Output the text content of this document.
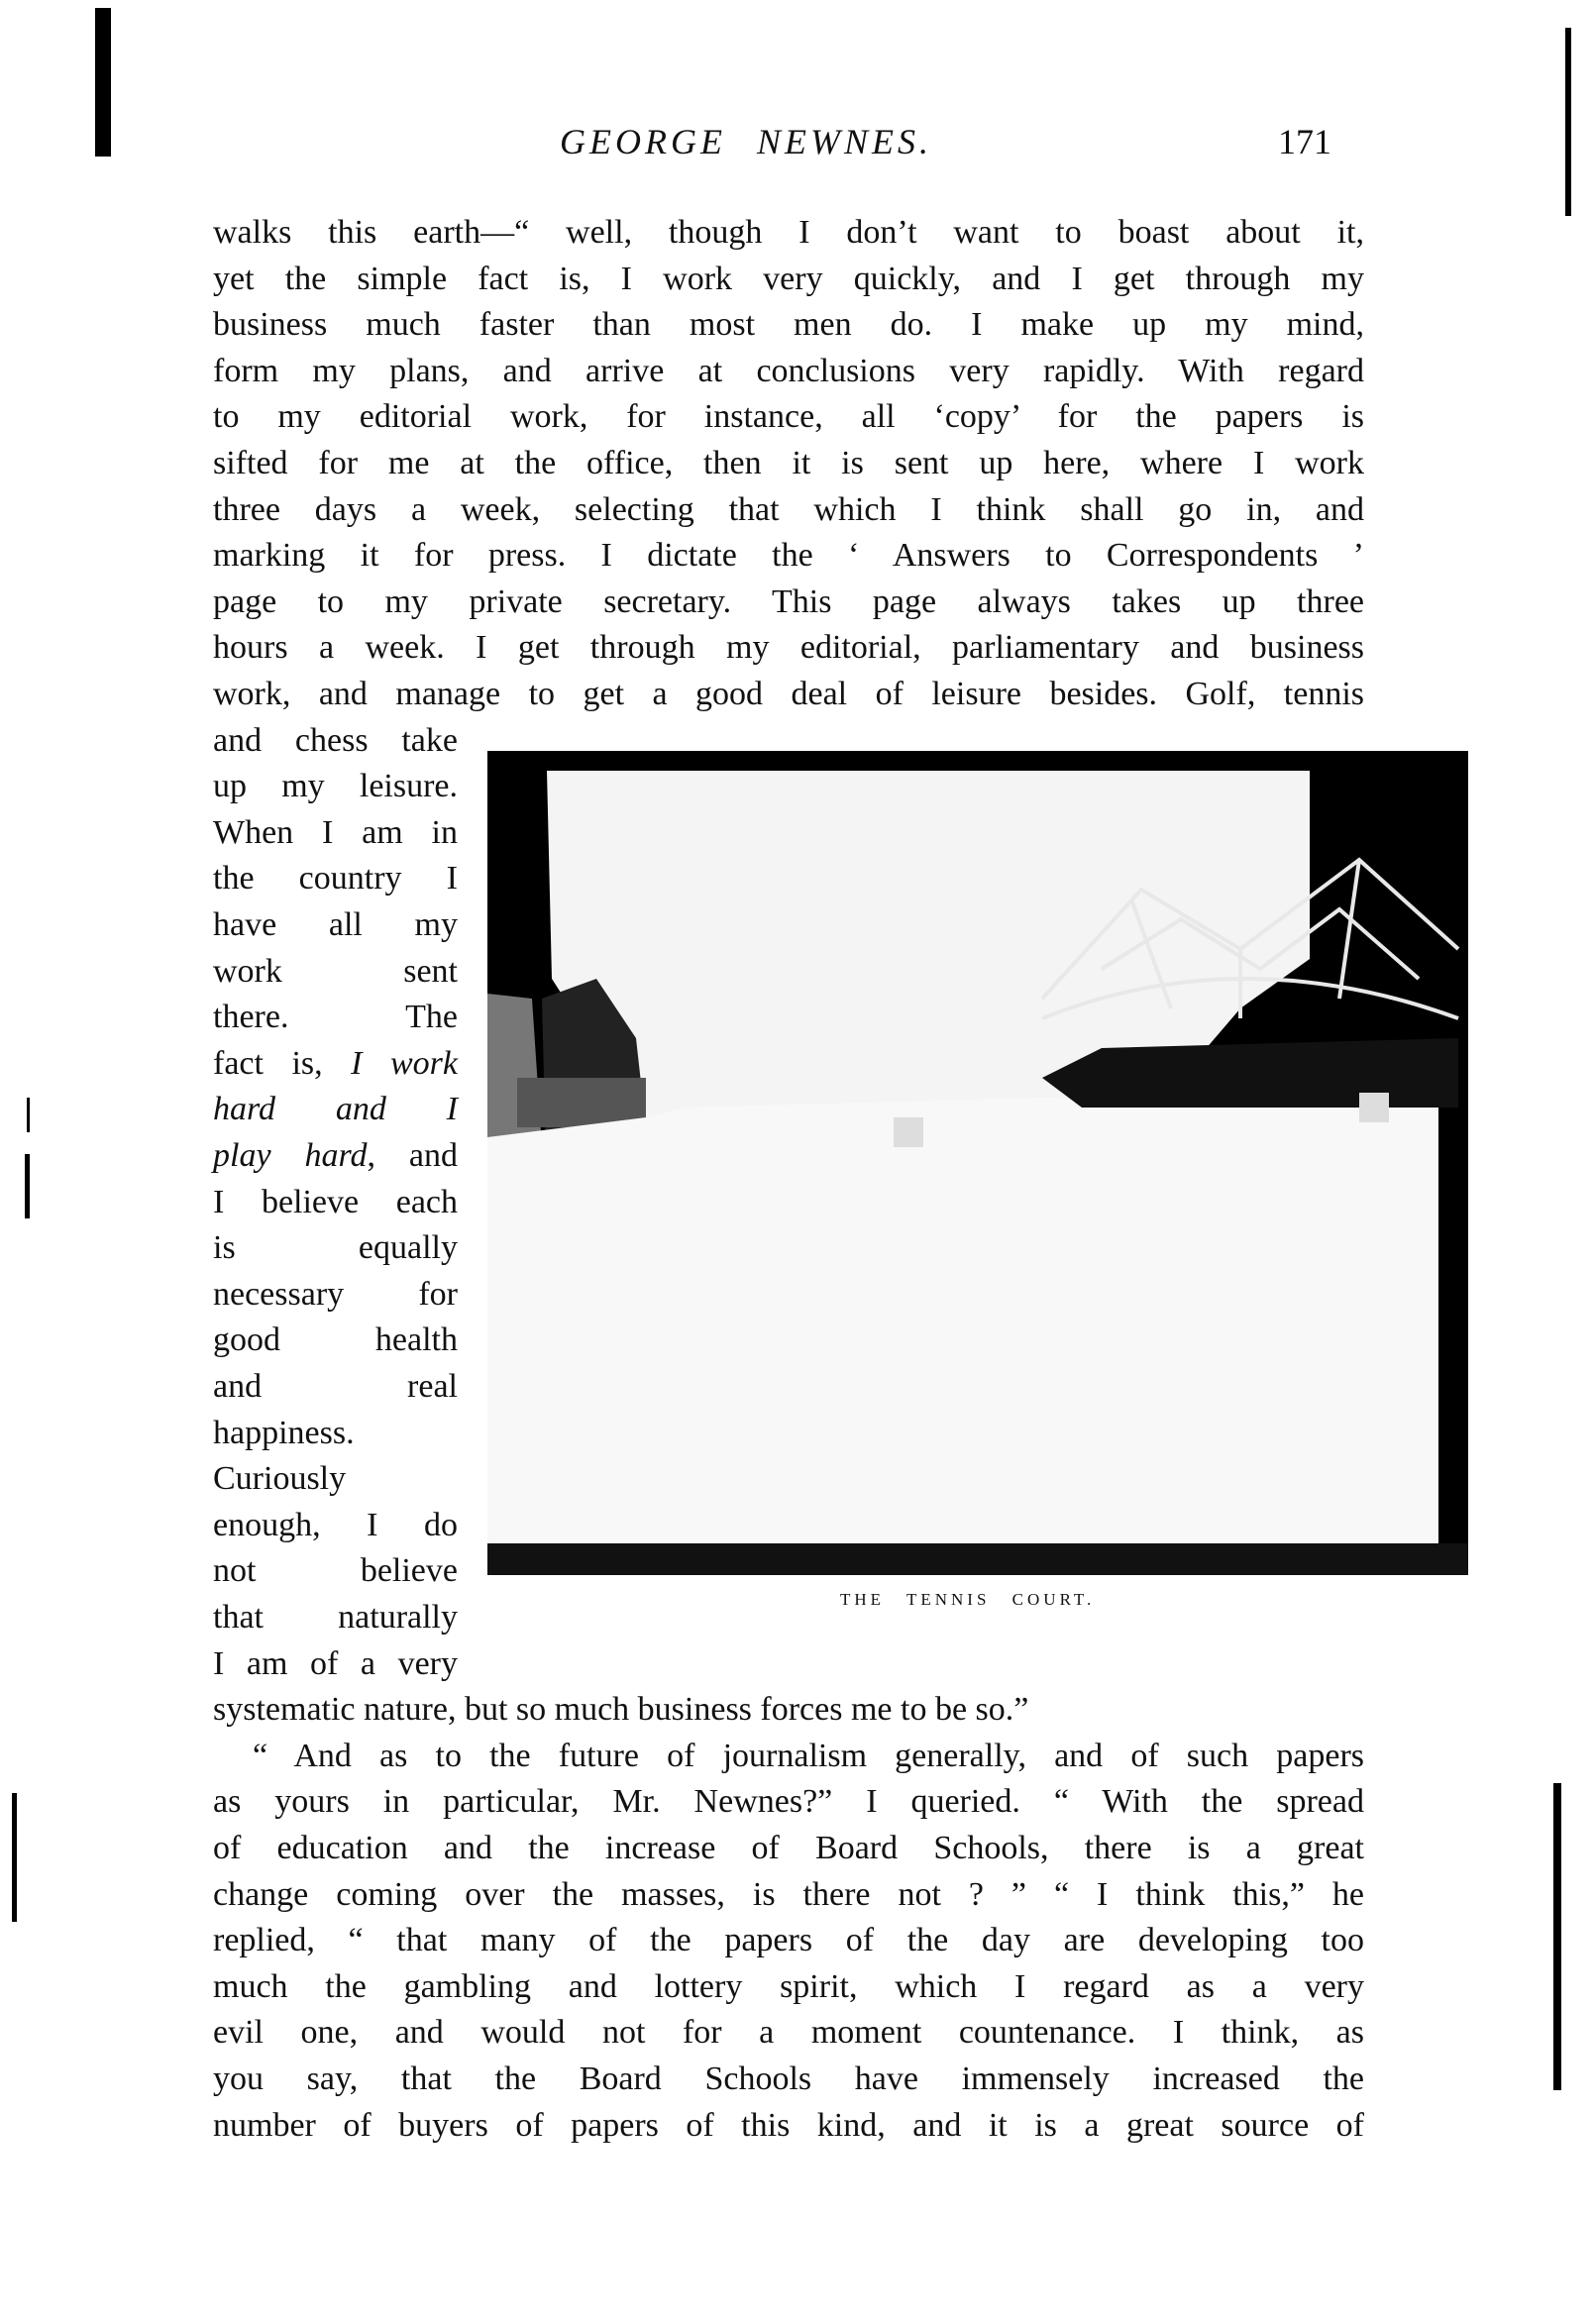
GEORGE NEWNES.	171
walks this earth—“ well, though I don’t want to boast about it,
yet the simple fact is, I work very quickly, and I get through my
business much faster than most men do. I make up my mind,
form my plans, and arrive at conclusions very rapidly. With regard
to my editorial work, for instance, all ‘copy’ for the papers is
sifted for me at the office, then it is sent up here, where I work
three days a week, selecting that which I think shall go in, and
marking it for press. I dictate the ‘ Answers to Correspondents ’
page to my private secretary. This page always takes up three
hours a week. I get through my editorial, parliamentary and business
work, and manage to get a good deal of leisure besides. Golf, tennis
and chess take
up my leisure.
When I am in
the country I
have all my
work sent
there. The
fact is, I work
hard and I
play hard, and
I believe each
is equally
necessary for
good health
and real
happiness.
Curiously
enough, I do
not believe
that naturally
I am of a very
THE TENNIS COURT.
systematic nature, but so much business forces me to be so.”
“ And as to the future of journalism generally, and of such papers
as yours in particular, Mr. Newnes?” I queried. “ With the spread
of education and the increase of Board Schools, there is a great
change coming over the masses, is there not ? ” “ I think this,” he
replied, “ that many of the papers of the day are developing too
much the gambling and lottery spirit, which I regard as a very
evil one, and would not for a moment countenance. I think, as
you say, that the Board Schools have immensely increased the
number of buyers of papers of this kind, and it is a great source of
